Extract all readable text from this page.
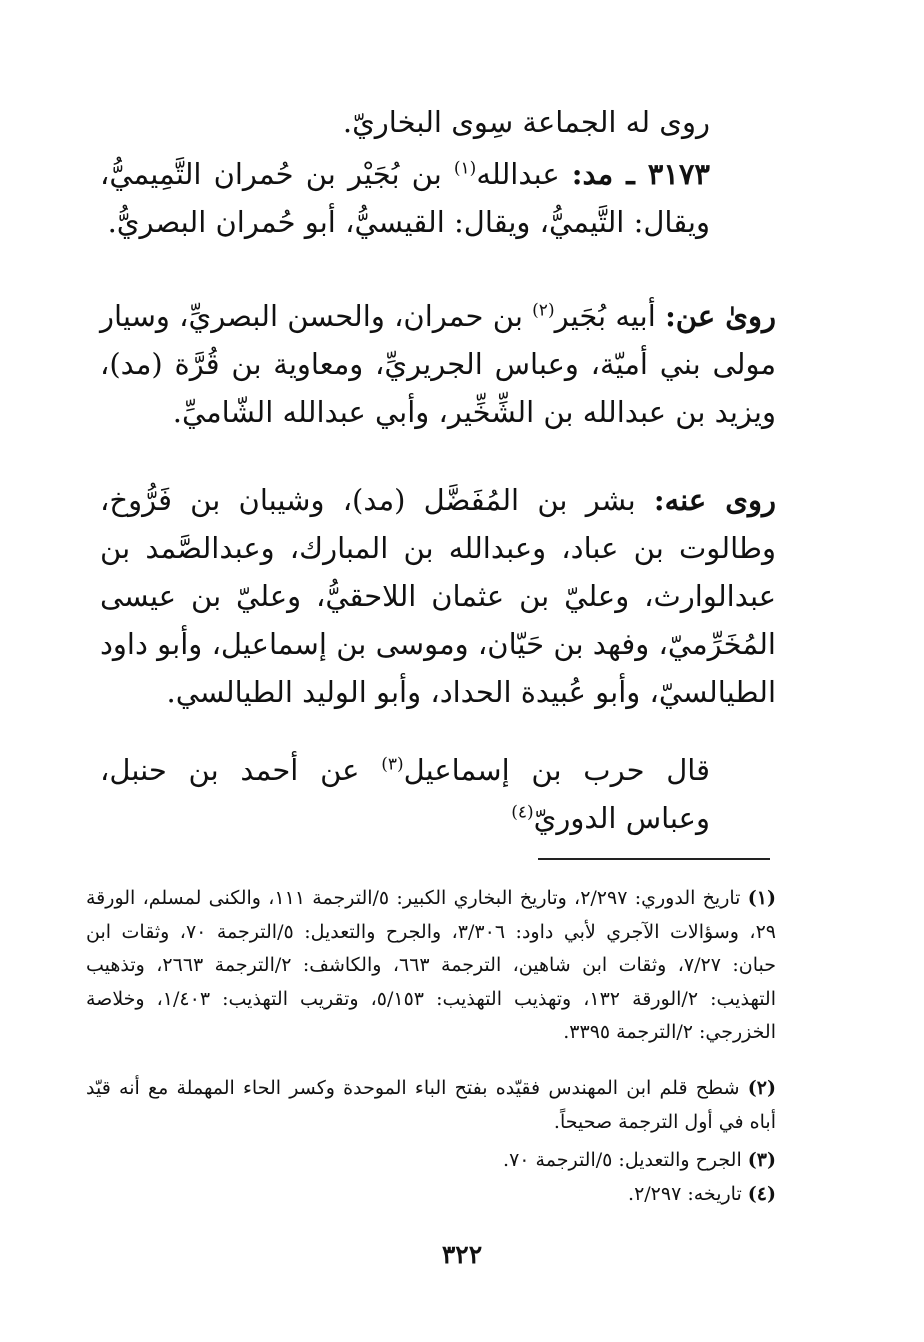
روى له الجماعة سِوى البخاريّ.

٣١٧٣ ـ مد: عبدالله$^{(١)}$ بن بُجَيْر بن حُمران التَّمِيميُّ، ويقال: التَّيميُّ، ويقال: القيسيُّ، أبو حُمران البصريُّ.

روىٰ عن: أبيه بُجَير$^{(٢)}$ بن حمران، والحسن البصريِّ، وسيار مولى بني أميّة، وعباس الجريريِّ، ومعاوية بن قُرَّة (مد)، ويزيد بن عبدالله بن الشِّخِّير، وأبي عبدالله الشّاميِّ.

روى عنه: بشر بن المُفَضَّل (مد)، وشيبان بن فَرُّوخ، وطالوت بن عباد، وعبدالله بن المبارك، وعبدالصَّمد بن عبدالوارث، وعليّ بن عثمان اللاحقيُّ، وعليّ بن عيسى المُخَرِّميّ، وفهد بن حَيّان، وموسى بن إسماعيل، وأبو داود الطيالسيّ، وأبو عُبيدة الحداد، وأبو الوليد الطيالسي.

قال حرب بن إسماعيل$^{(٣)}$ عن أحمد بن حنبل، وعباس الدوريّ$^{(٤)}$

(١) تاريخ الدوري: ٢/٢٩٧، وتاريخ البخاري الكبير: ٥/الترجمة ١١١، والكنى لمسلم، الورقة ٢٩، وسؤالات الآجري لأبي داود: ٣/٣٠٦، والجرح والتعديل: ٥/الترجمة ٧٠، وثقات ابن حبان: ٧/٢٧، وثقات ابن شاهين، الترجمة ٦٦٣، والكاشف: ٢/الترجمة ٢٦٦٣، وتذهيب التهذيب: ٢/الورقة ١٣٢، وتهذيب التهذيب: ٥/١٥٣، وتقريب التهذيب: ١/٤٠٣، وخلاصة الخزرجي: ٢/الترجمة ٣٣٩٥.

(٢) شطح قلم ابن المهندس فقيّده بفتح الباء الموحدة وكسر الحاء المهملة مع أنه قيّد أباه في أول الترجمة صحيحاً.

(٣) الجرح والتعديل: ٥/الترجمة ٧٠.

(٤) تاريخه: ٢/٢٩٧.

٣٢٢
